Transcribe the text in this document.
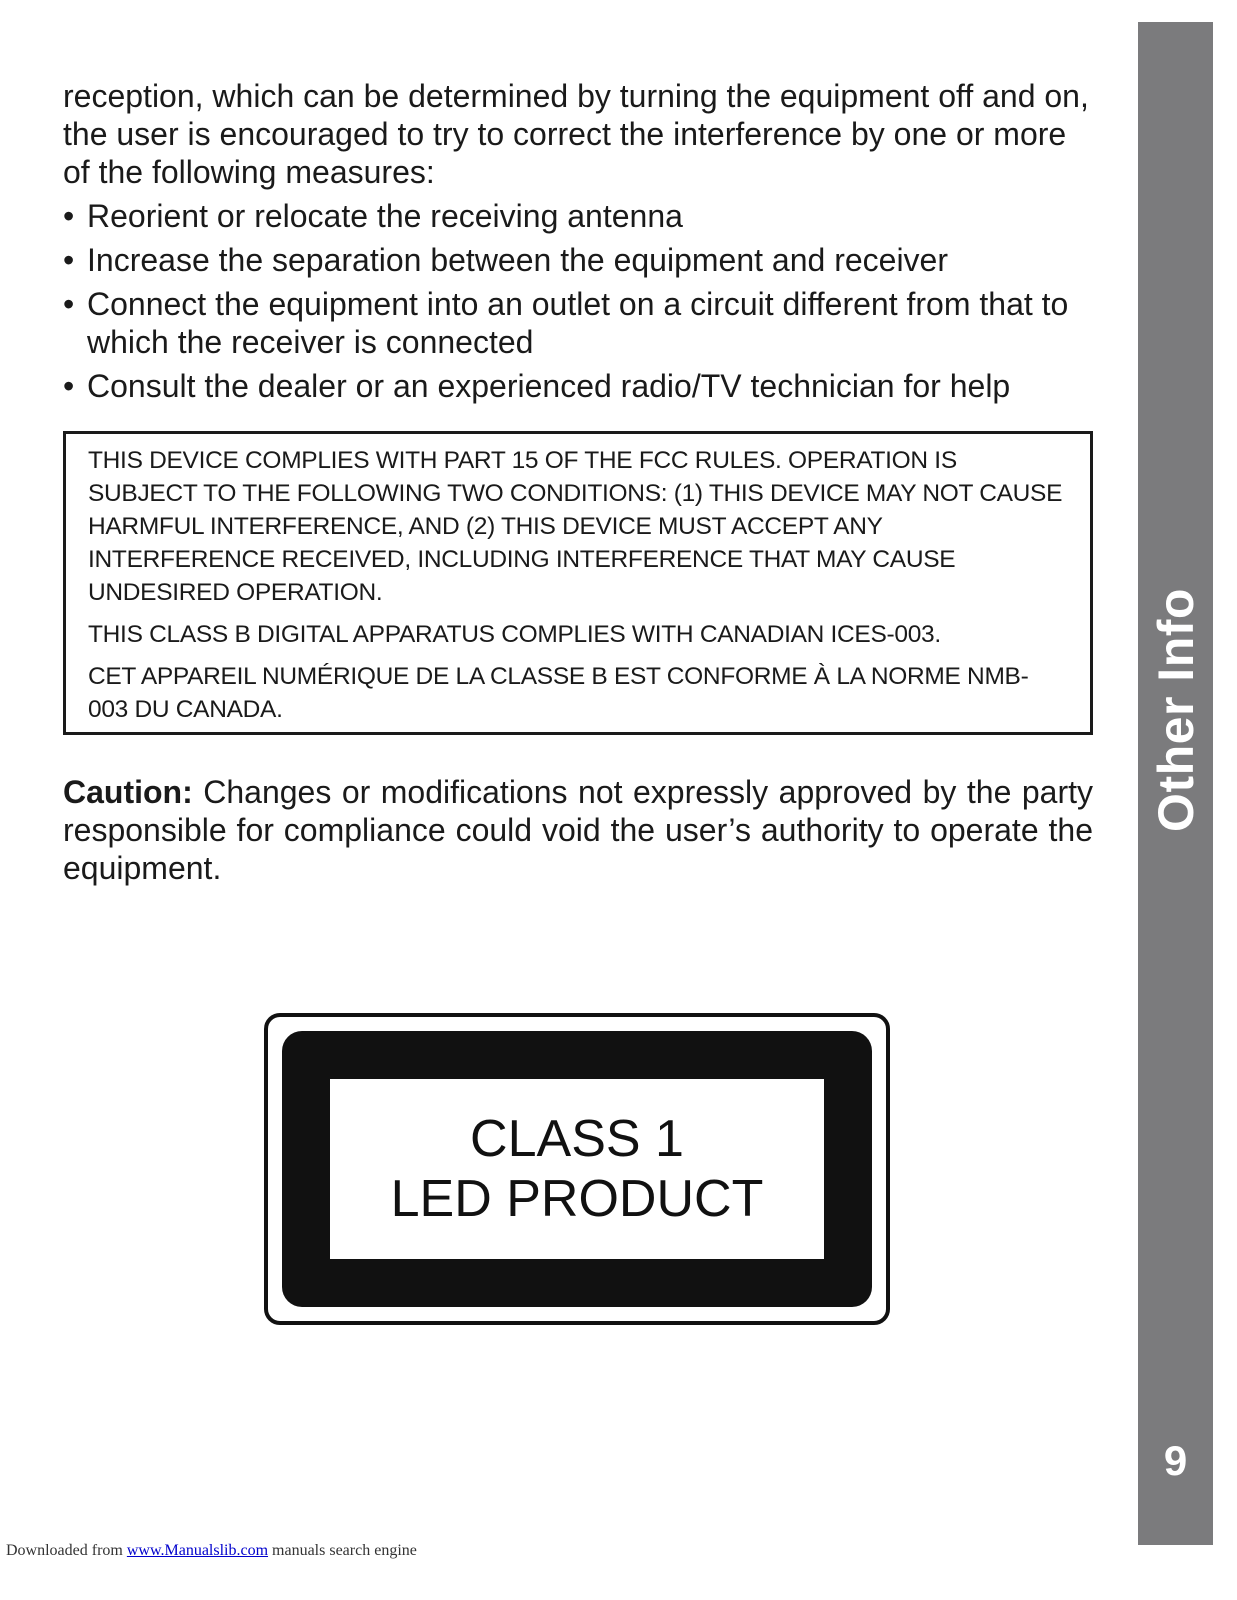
reception, which can be determined by turning the equipment off and on, the user is encouraged to try to correct the interference by one or more of the following measures:

• Reorient or relocate the receiving antenna
• Increase the separation between the equipment and receiver
• Connect the equipment into an outlet on a circuit different from that to which the receiver is connected
• Consult the dealer or an experienced radio/TV technician for help

THIS DEVICE COMPLIES WITH PART 15 OF THE FCC RULES. OPERATION IS SUBJECT TO THE FOLLOWING TWO CONDITIONS: (1) THIS DEVICE MAY NOT CAUSE HARMFUL INTERFERENCE, AND (2) THIS DEVICE MUST ACCEPT ANY INTERFERENCE RECEIVED, INCLUDING INTERFERENCE THAT MAY CAUSE UNDESIRED OPERATION.

THIS CLASS B DIGITAL APPARATUS COMPLIES WITH CANADIAN ICES-003.

CET APPAREIL NUMÉRIQUE DE LA CLASSE B EST CONFORME À LA NORME NMB-003 DU CANADA.

Caution: Changes or modifications not expressly approved by the party responsible for compliance could void the user’s authority to operate the equipment.

CLASS 1
LED PRODUCT
Other Info
9
Downloaded from www.Manualslib.com manuals search engine
